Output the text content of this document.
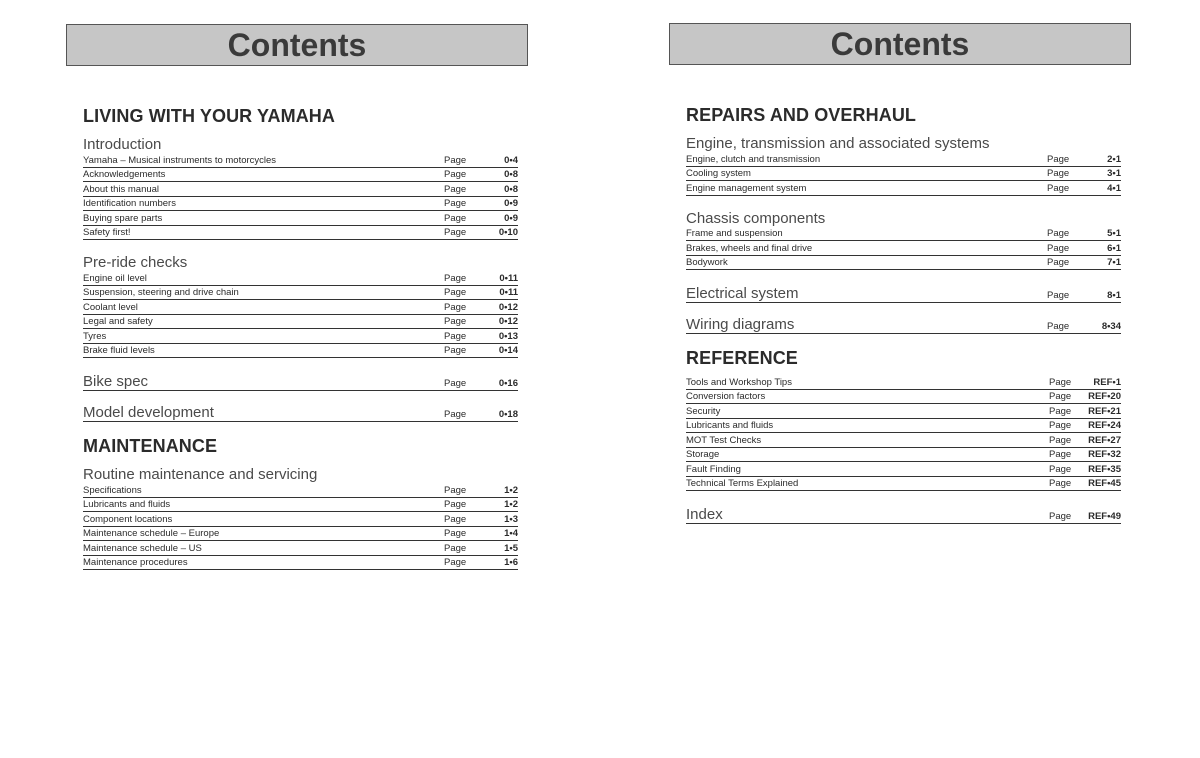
Contents
LIVING WITH YOUR YAMAHA
Introduction
Yamaha – Musical instruments to motorcycles	Page	0•4
Acknowledgements	Page	0•8
About this manual	Page	0•8
Identification numbers	Page	0•9
Buying spare parts	Page	0•9
Safety first!	Page	0•10
Pre-ride checks
Engine oil level	Page	0•11
Suspension, steering and drive chain	Page	0•11
Coolant level	Page	0•12
Legal and safety	Page	0•12
Tyres	Page	0•13
Brake fluid levels	Page	0•14
Bike spec	Page	0•16
Model development	Page	0•18
MAINTENANCE
Routine maintenance and servicing
Specifications	Page	1•2
Lubricants and fluids	Page	1•2
Component locations	Page	1•3
Maintenance schedule – Europe	Page	1•4
Maintenance schedule – US	Page	1•5
Maintenance procedures	Page	1•6
Contents
REPAIRS AND OVERHAUL
Engine, transmission and associated systems
Engine, clutch and transmission	Page	2•1
Cooling system	Page	3•1
Engine management system	Page	4•1
Chassis components
Frame and suspension	Page	5•1
Brakes, wheels and final drive	Page	6•1
Bodywork	Page	7•1
Electrical system	Page	8•1
Wiring diagrams	Page	8•34
REFERENCE
Tools and Workshop Tips	Page	REF•1
Conversion factors	Page	REF•20
Security	Page	REF•21
Lubricants and fluids	Page	REF•24
MOT Test Checks	Page	REF•27
Storage	Page	REF•32
Fault Finding	Page	REF•35
Technical Terms Explained	Page	REF•45
Index	Page	REF•49
